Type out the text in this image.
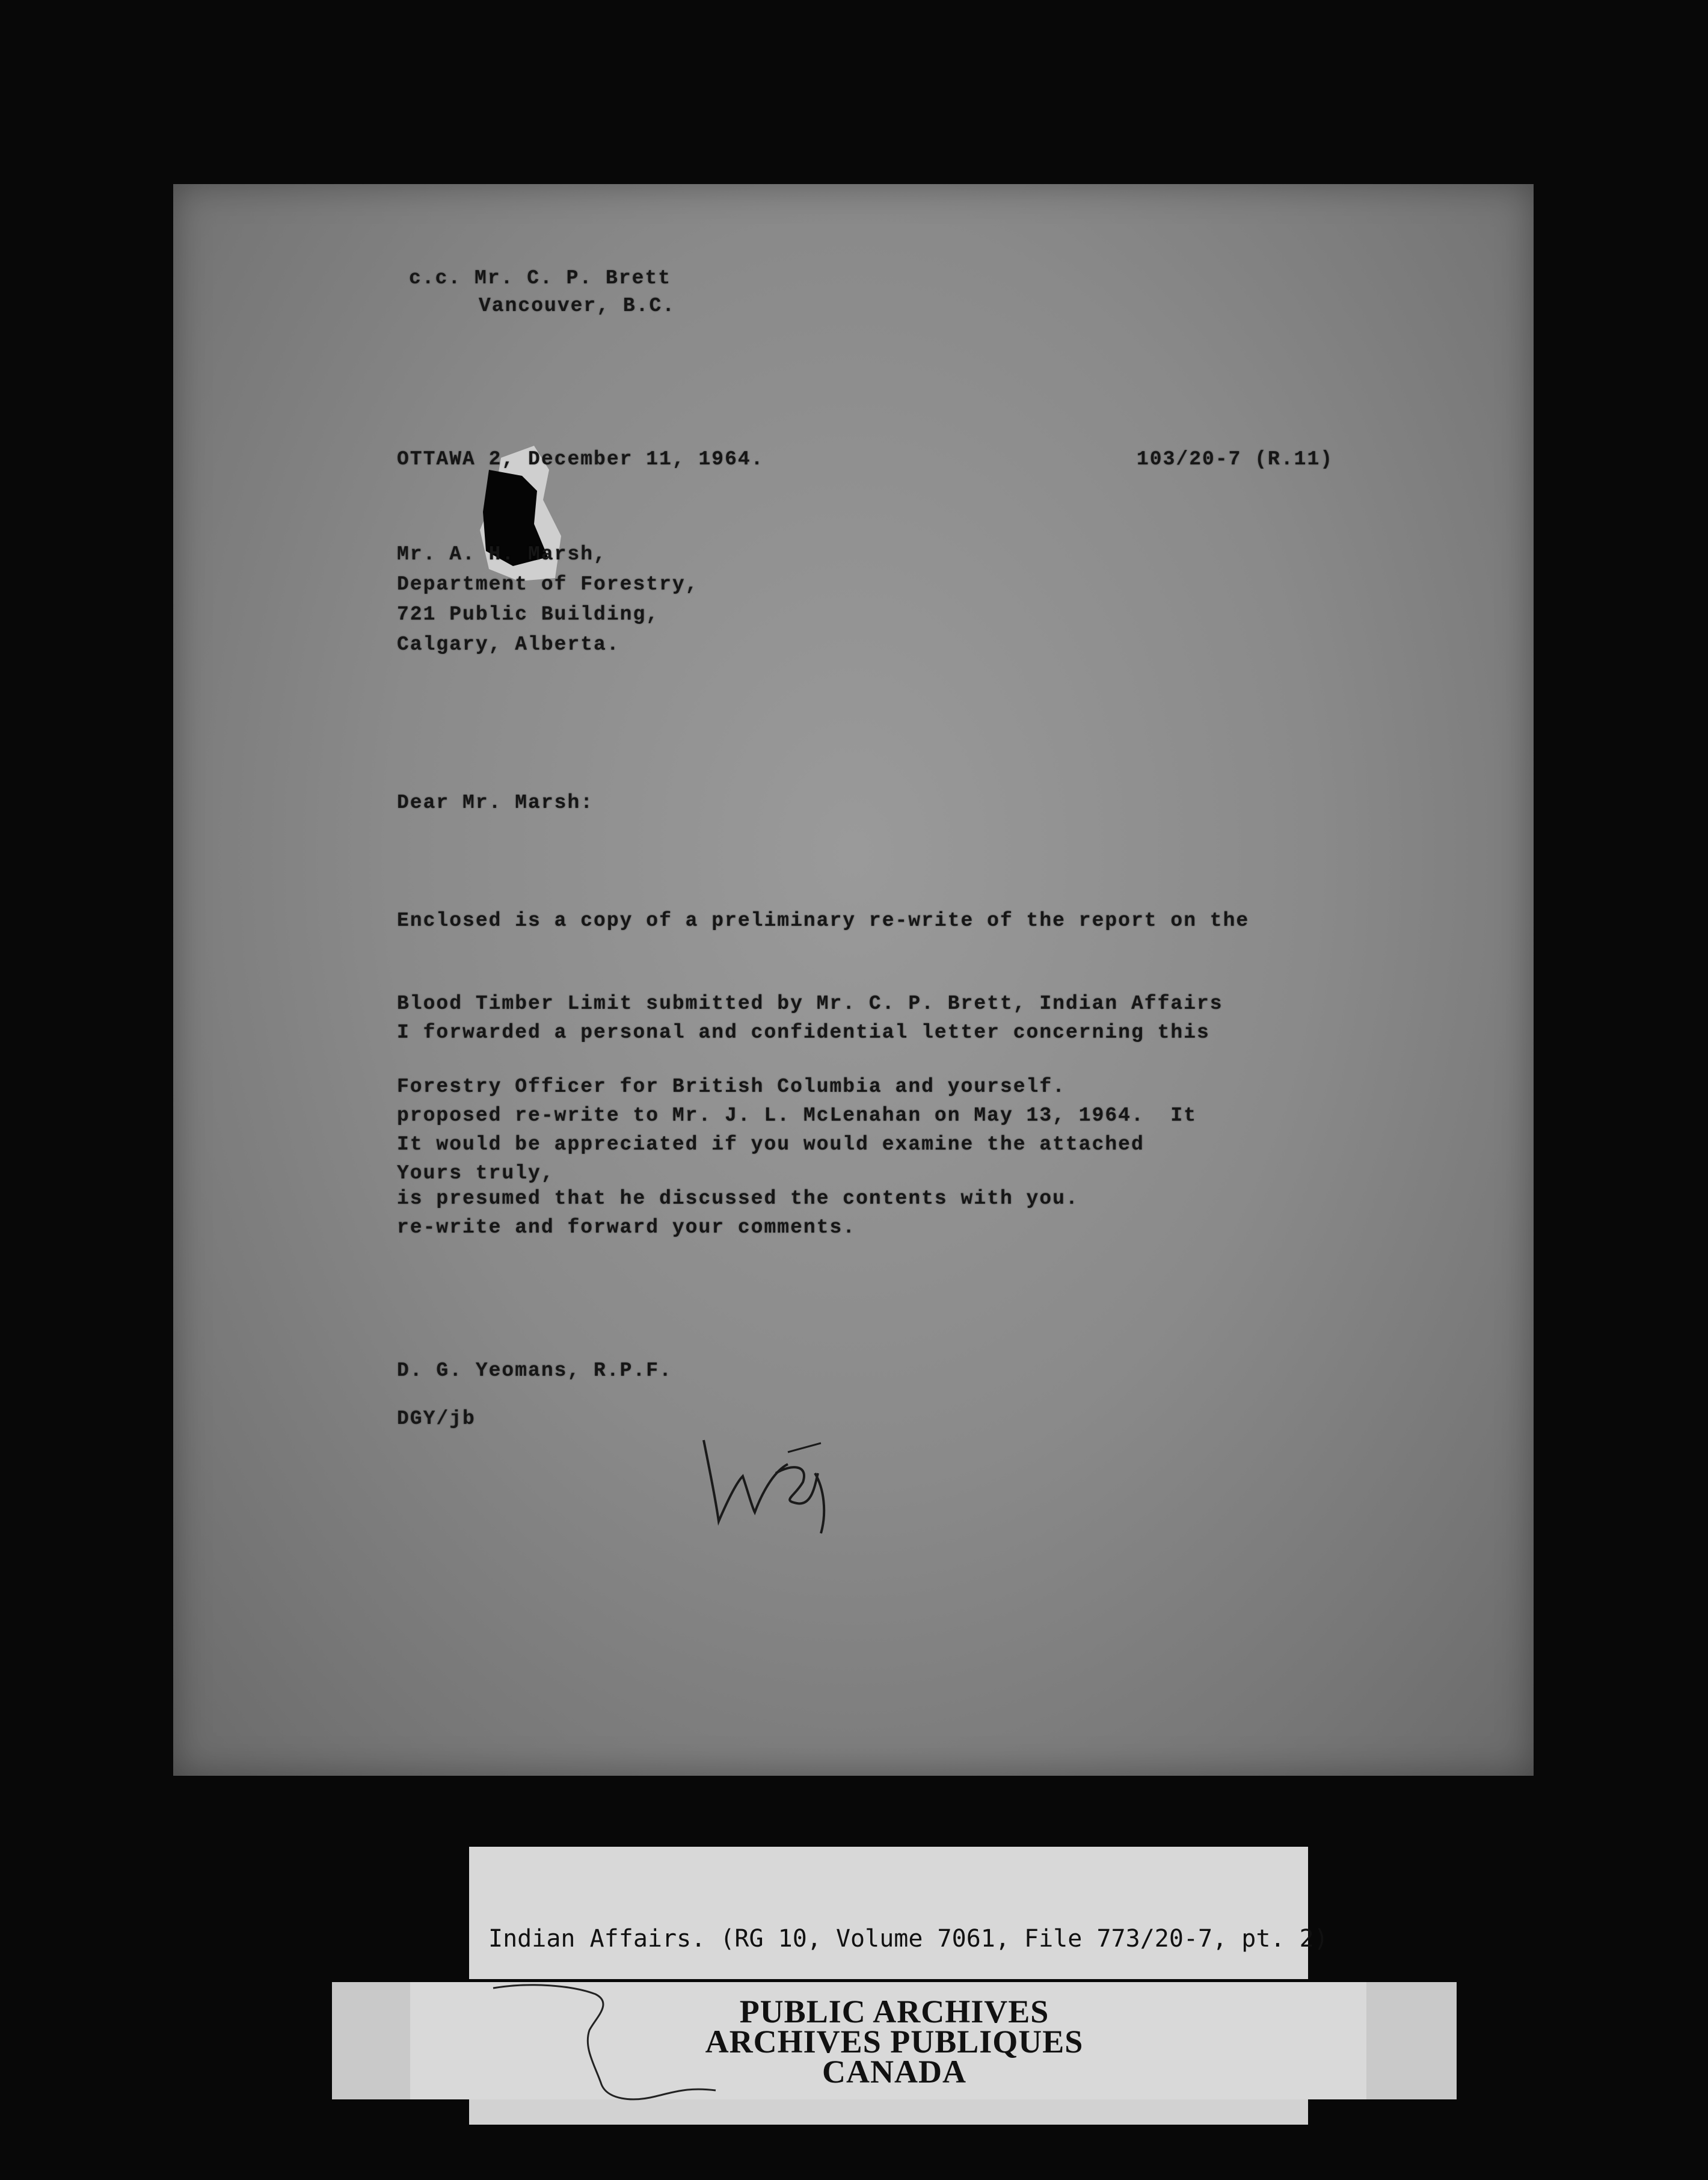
c.c. Mr. C. P. Brett
Vancouver, B.C.
OTTAWA 2, December 11, 1964.	103/20-7 (R.11)
Mr. A. H. Marsh,
Department of Forestry,
721 Public Building,
Calgary, Alberta.
Dear Mr. Marsh:

Enclosed is a copy of a preliminary re-write of the report on the

Blood Timber Limit submitted by Mr. C. P. Brett, Indian Affairs

Forestry Officer for British Columbia and yourself.

I forwarded a personal and confidential letter concerning this

proposed re-write to Mr. J. L. McLenahan on May 13, 1964.  It

is presumed that he discussed the contents with you.

It would be appreciated if you would examine the attached

re-write and forward your comments.

Yours truly,
D. G. Yeomans, R.P.F.
DGY/jb
Indian Affairs. (RG 10, Volume 7061, File 773/20-7, pt. 2)
PUBLIC ARCHIVES
ARCHIVES PUBLIQUES
CANADA
